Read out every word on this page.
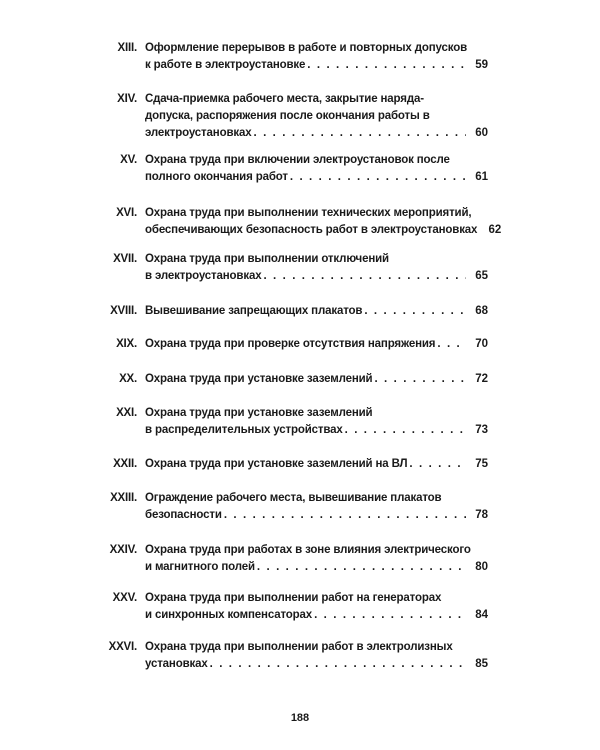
XIII. Оформление перерывов в работе и повторных допусков
к работе в электроустановке . . .	59
XIV. Сдача-приемка рабочего места, закрытие наряда-
допуска, распоряжения после окончания работы в
электроустановках . . .	60
XV. Охрана труда при включении электроустановок после
полного окончания работ . . .	61
XVI. Охрана труда при выполнении технических мероприятий,
обеспечивающих безопасность работ в электроустановках 62
XVII. Охрана труда при выполнении отключений
в электроустановках . . .	65
XVIII. Вывешивание запрещающих плакатов . . .	68
XIX. Охрана труда при проверке отсутствия напряжения . . .	70
XX. Охрана труда при установке заземлений . . .	72
XXI. Охрана труда при установке заземлений
в распределительных устройствах . . .	73
XXII. Охрана труда при установке заземлений на ВЛ . . .	75
XXIII. Ограждение рабочего места, вывешивание плакатов
безопасности . . .	78
XXIV. Охрана труда при работах в зоне влияния электрического
и магнитного полей . . .	80
XXV. Охрана труда при выполнении работ на генераторах
и синхронных компенсаторах . . .	84
XXVI. Охрана труда при выполнении работ в электролизных
установках . . .	85
188
